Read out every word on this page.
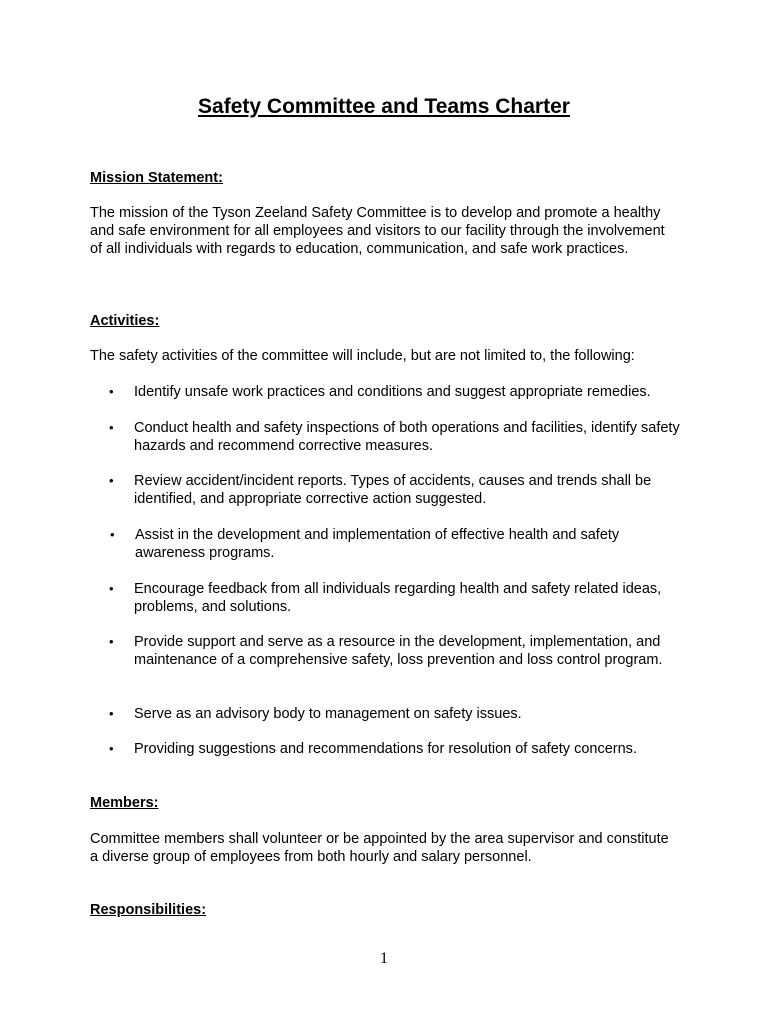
Safety Committee and Teams Charter

Mission Statement:

The mission of the Tyson Zeeland Safety Committee is to develop and promote a healthy and safe environment for all employees and visitors to our facility through the involvement of all individuals with regards to education, communication, and safe work practices.

Activities:

The safety activities of the committee will include, but are not limited to, the following:

• Identify unsafe work practices and conditions and suggest appropriate remedies.
• Conduct health and safety inspections of both operations and facilities, identify safety hazards and recommend corrective measures.
• Review accident/incident reports. Types of accidents, causes and trends shall be identified, and appropriate corrective action suggested.
• Assist in the development and implementation of effective health and safety awareness programs.
• Encourage feedback from all individuals regarding health and safety related ideas, problems, and solutions.
• Provide support and serve as a resource in the development, implementation, and maintenance of a comprehensive safety, loss prevention and loss control program.
• Serve as an advisory body to management on safety issues.
• Providing suggestions and recommendations for resolution of safety concerns.

Members:

Committee members shall volunteer or be appointed by the area supervisor and constitute a diverse group of employees from both hourly and salary personnel.

Responsibilities:

1
